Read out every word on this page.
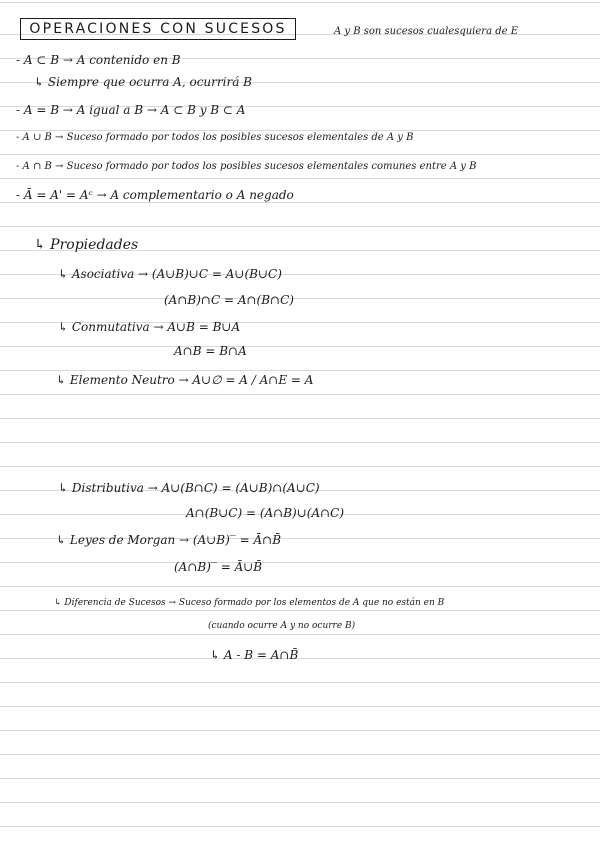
OPERACIONES CON SUCESOS	A y B son sucesos cualesquiera de E
- A ⊂ B → A contenido en B
↳ Siempre que ocurra A, ocurrirá B
- A = B → A igual a B → A ⊂ B y B ⊂ A
- A ∪ B → Suceso formado por todos los posibles sucesos elementales de A y B
- A ∩ B → Suceso formado por todos los posibles sucesos elementales comunes entre A y B
- Ā = A' = Aᶜ → A complementario o A negado
↳ Propiedades
↳ Asociativa → (A∪B)∪C = A∪(B∪C)
(A∩B)∩C = A∩(B∩C)
↳ Conmutativa → A∪B = B∪A
A∩B = B∩A
↳ Elemento Neutro → A∪∅ = A / A∩E = A
↳ Distributiva → A∪(B∩C) = (A∪B)∩(A∪C)
A∩(B∪C) = (A∩B)∪(A∩C)
↳ Leyes de Morgan → (A∪B)‾ = Ā∩B̄
(A∩B)‾ = Ā∪B̄
↳ Diferencia de Sucesos → Suceso formado por los elementos de A que no están en B
(cuando ocurre A y no ocurre B)
↳ A - B = A∩B̄
